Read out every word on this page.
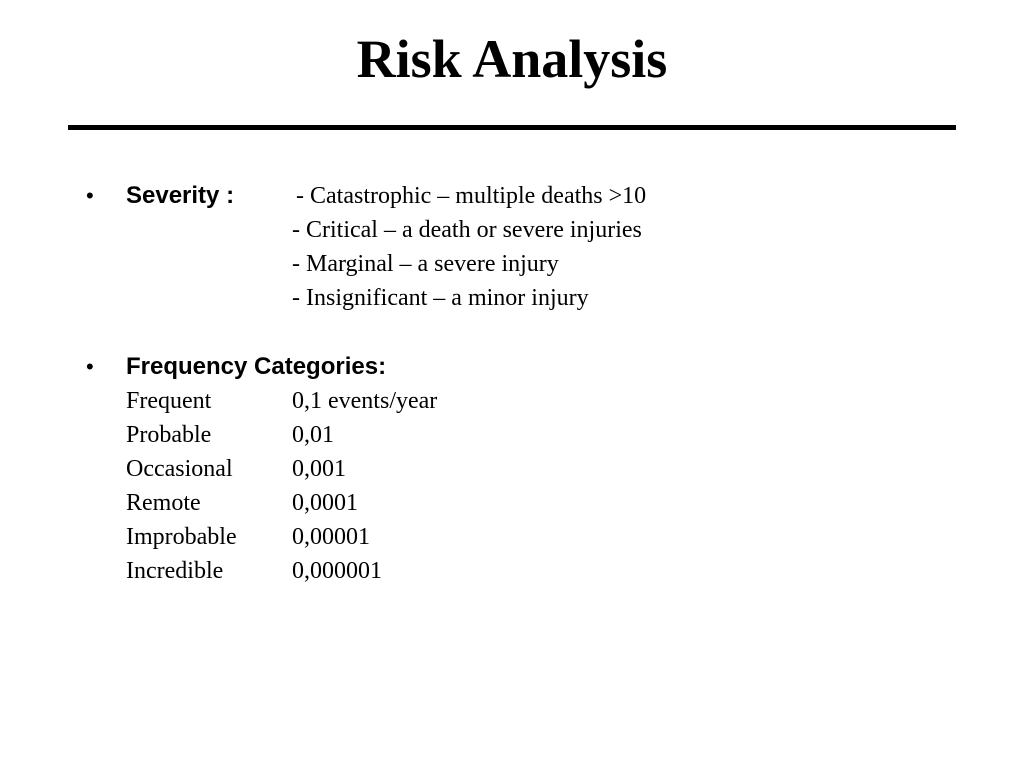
Risk Analysis
• Severity :	- Catastrophic – multiple deaths >10
- Critical – a death or severe injuries
- Marginal – a severe injury
- Insignificant – a minor injury
• Frequency Categories:
Frequent	0,1 events/year
Probable	0,01
Occasional 0,001
Remote	0,0001
Improbable 0,00001
Incredible	0,000001
